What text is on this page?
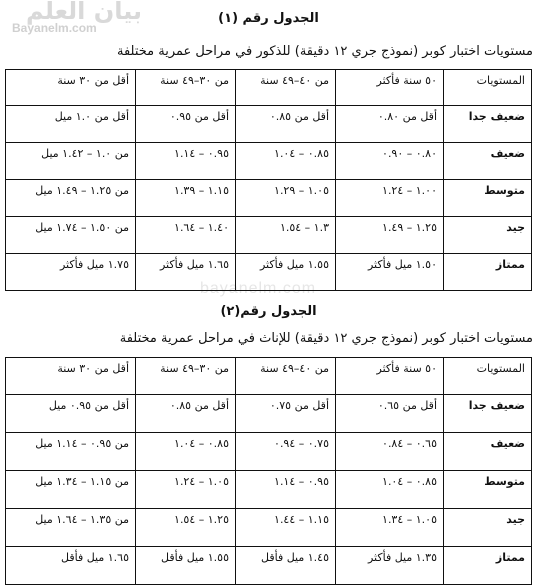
بيان العلم
Bayanelm.com
bayanelm.com
الجدول رقم (١)
مستويات اختبار كوبر (نموذج جري ١٢ دقيقة) للذكور في مراحل عمرية مختلفة
المستويات	٥٠ سنة فأكثر	من ٤٠–٤٩ سنة	من ٣٠–٤٩ سنة	أقل من ٣٠ سنة
ضعيف جدا	أقل من ٠.٨٠	أقل من ٠.٨٥	أقل من ٠.٩٥	أقل من ١.٠ ميل
ضعيف	٠.٨٠ – ٠.٩٠	٠.٨٥ – ١.٠٤	٠.٩٥ – ١.١٤	من ١.٠ – ١.٤٢ ميل
متوسط	١.٠٠ – ١.٢٤	١.٠٥ – ١.٢٩	١.١٥ – ١.٣٩	من ١.٢٥ – ١.٤٩ ميل
جيد	١.٢٥ – ١.٤٩	١.٣ – ١.٥٤	١.٤٠ – ١.٦٤	من ١.٥٠ – ١.٧٤ ميل
ممتاز	١.٥٠ ميل فأكثر	١.٥٥ ميل فأكثر	١.٦٥ ميل فأكثر	١.٧٥ ميل فأكثر
الجدول رقم(٢)
مستويات اختبار كوبر (نموذج جري ١٢ دقيقة) للإناث في مراحل عمرية مختلفة
المستويات	٥٠ سنة فأكثر	من ٤٠–٤٩ سنة	من ٣٠–٤٩ سنة	أقل من ٣٠ سنة
ضعيف جدا	أقل من ٠.٦٥	أقل من ٠.٧٥	أقل من ٠.٨٥	أقل من ٠.٩٥ ميل
ضعيف	٠.٦٥ – ٠.٨٤	٠.٧٥ – ٠.٩٤	٠.٨٥ – ١.٠٤	من ٠.٩٥ – ١.١٤ ميل
متوسط	٠.٨٥ – ١.٠٤	٠.٩٥ – ١.١٤	١.٠٥ – ١.٢٤	من ١.١٥ – ١.٣٤ ميل
جيد	١.٠٥ – ١.٣٤	١.١٥ – ١.٤٤	١.٢٥ – ١.٥٤	من ١.٣٥ – ١.٦٤ ميل
ممتاز	١.٣٥ ميل فأكثر	١.٤٥ ميل فأقل	١.٥٥ ميل فأقل	١.٦٥ ميل فأقل
